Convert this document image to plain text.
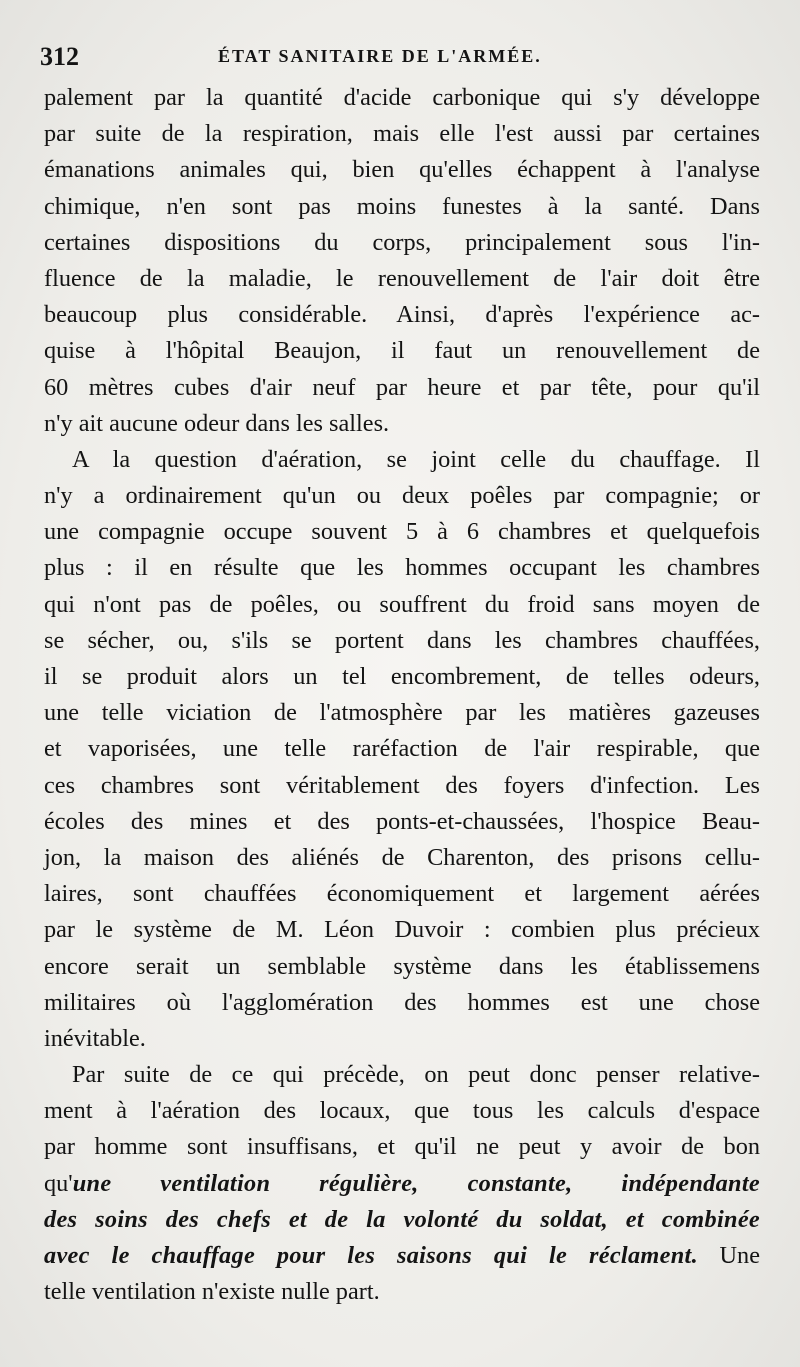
312	ÉTAT SANITAIRE DE L'ARMÉE.
palement par la quantité d'acide carbonique qui s'y développe
par suite de la respiration, mais elle l'est aussi par certaines
émanations animales qui, bien qu'elles échappent à l'analyse
chimique, n'en sont pas moins funestes à la santé. Dans
certaines dispositions du corps, principalement sous l'in-
fluence de la maladie, le renouvellement de l'air doit être
beaucoup plus considérable. Ainsi, d'après l'expérience ac-
quise à l'hôpital Beaujon, il faut un renouvellement de
60 mètres cubes d'air neuf par heure et par tête, pour qu'il
n'y ait aucune odeur dans les salles.
A la question d'aération, se joint celle du chauffage. Il
n'y a ordinairement qu'un ou deux poêles par compagnie; or
une compagnie occupe souvent 5 à 6 chambres et quelquefois
plus : il en résulte que les hommes occupant les chambres
qui n'ont pas de poêles, ou souffrent du froid sans moyen de
se sécher, ou, s'ils se portent dans les chambres chauffées,
il se produit alors un tel encombrement, de telles odeurs,
une telle viciation de l'atmosphère par les matières gazeuses
et vaporisées, une telle raréfaction de l'air respirable, que
ces chambres sont véritablement des foyers d'infection. Les
écoles des mines et des ponts-et-chaussées, l'hospice Beau-
jon, la maison des aliénés de Charenton, des prisons cellu-
laires, sont chauffées économiquement et largement aérées
par le système de M. Léon Duvoir : combien plus précieux
encore serait un semblable système dans les établissemens
militaires où l'agglomération des hommes est une chose
inévitable.
Par suite de ce qui précède, on peut donc penser relative-
ment à l'aération des locaux, que tous les calculs d'espace
par homme sont insuffisans, et qu'il ne peut y avoir de bon
qu'une ventilation régulière, constante, indépendante
des soins des chefs et de la volonté du soldat, et combinée
avec le chauffage pour les saisons qui le réclament. Une
telle ventilation n'existe nulle part.
